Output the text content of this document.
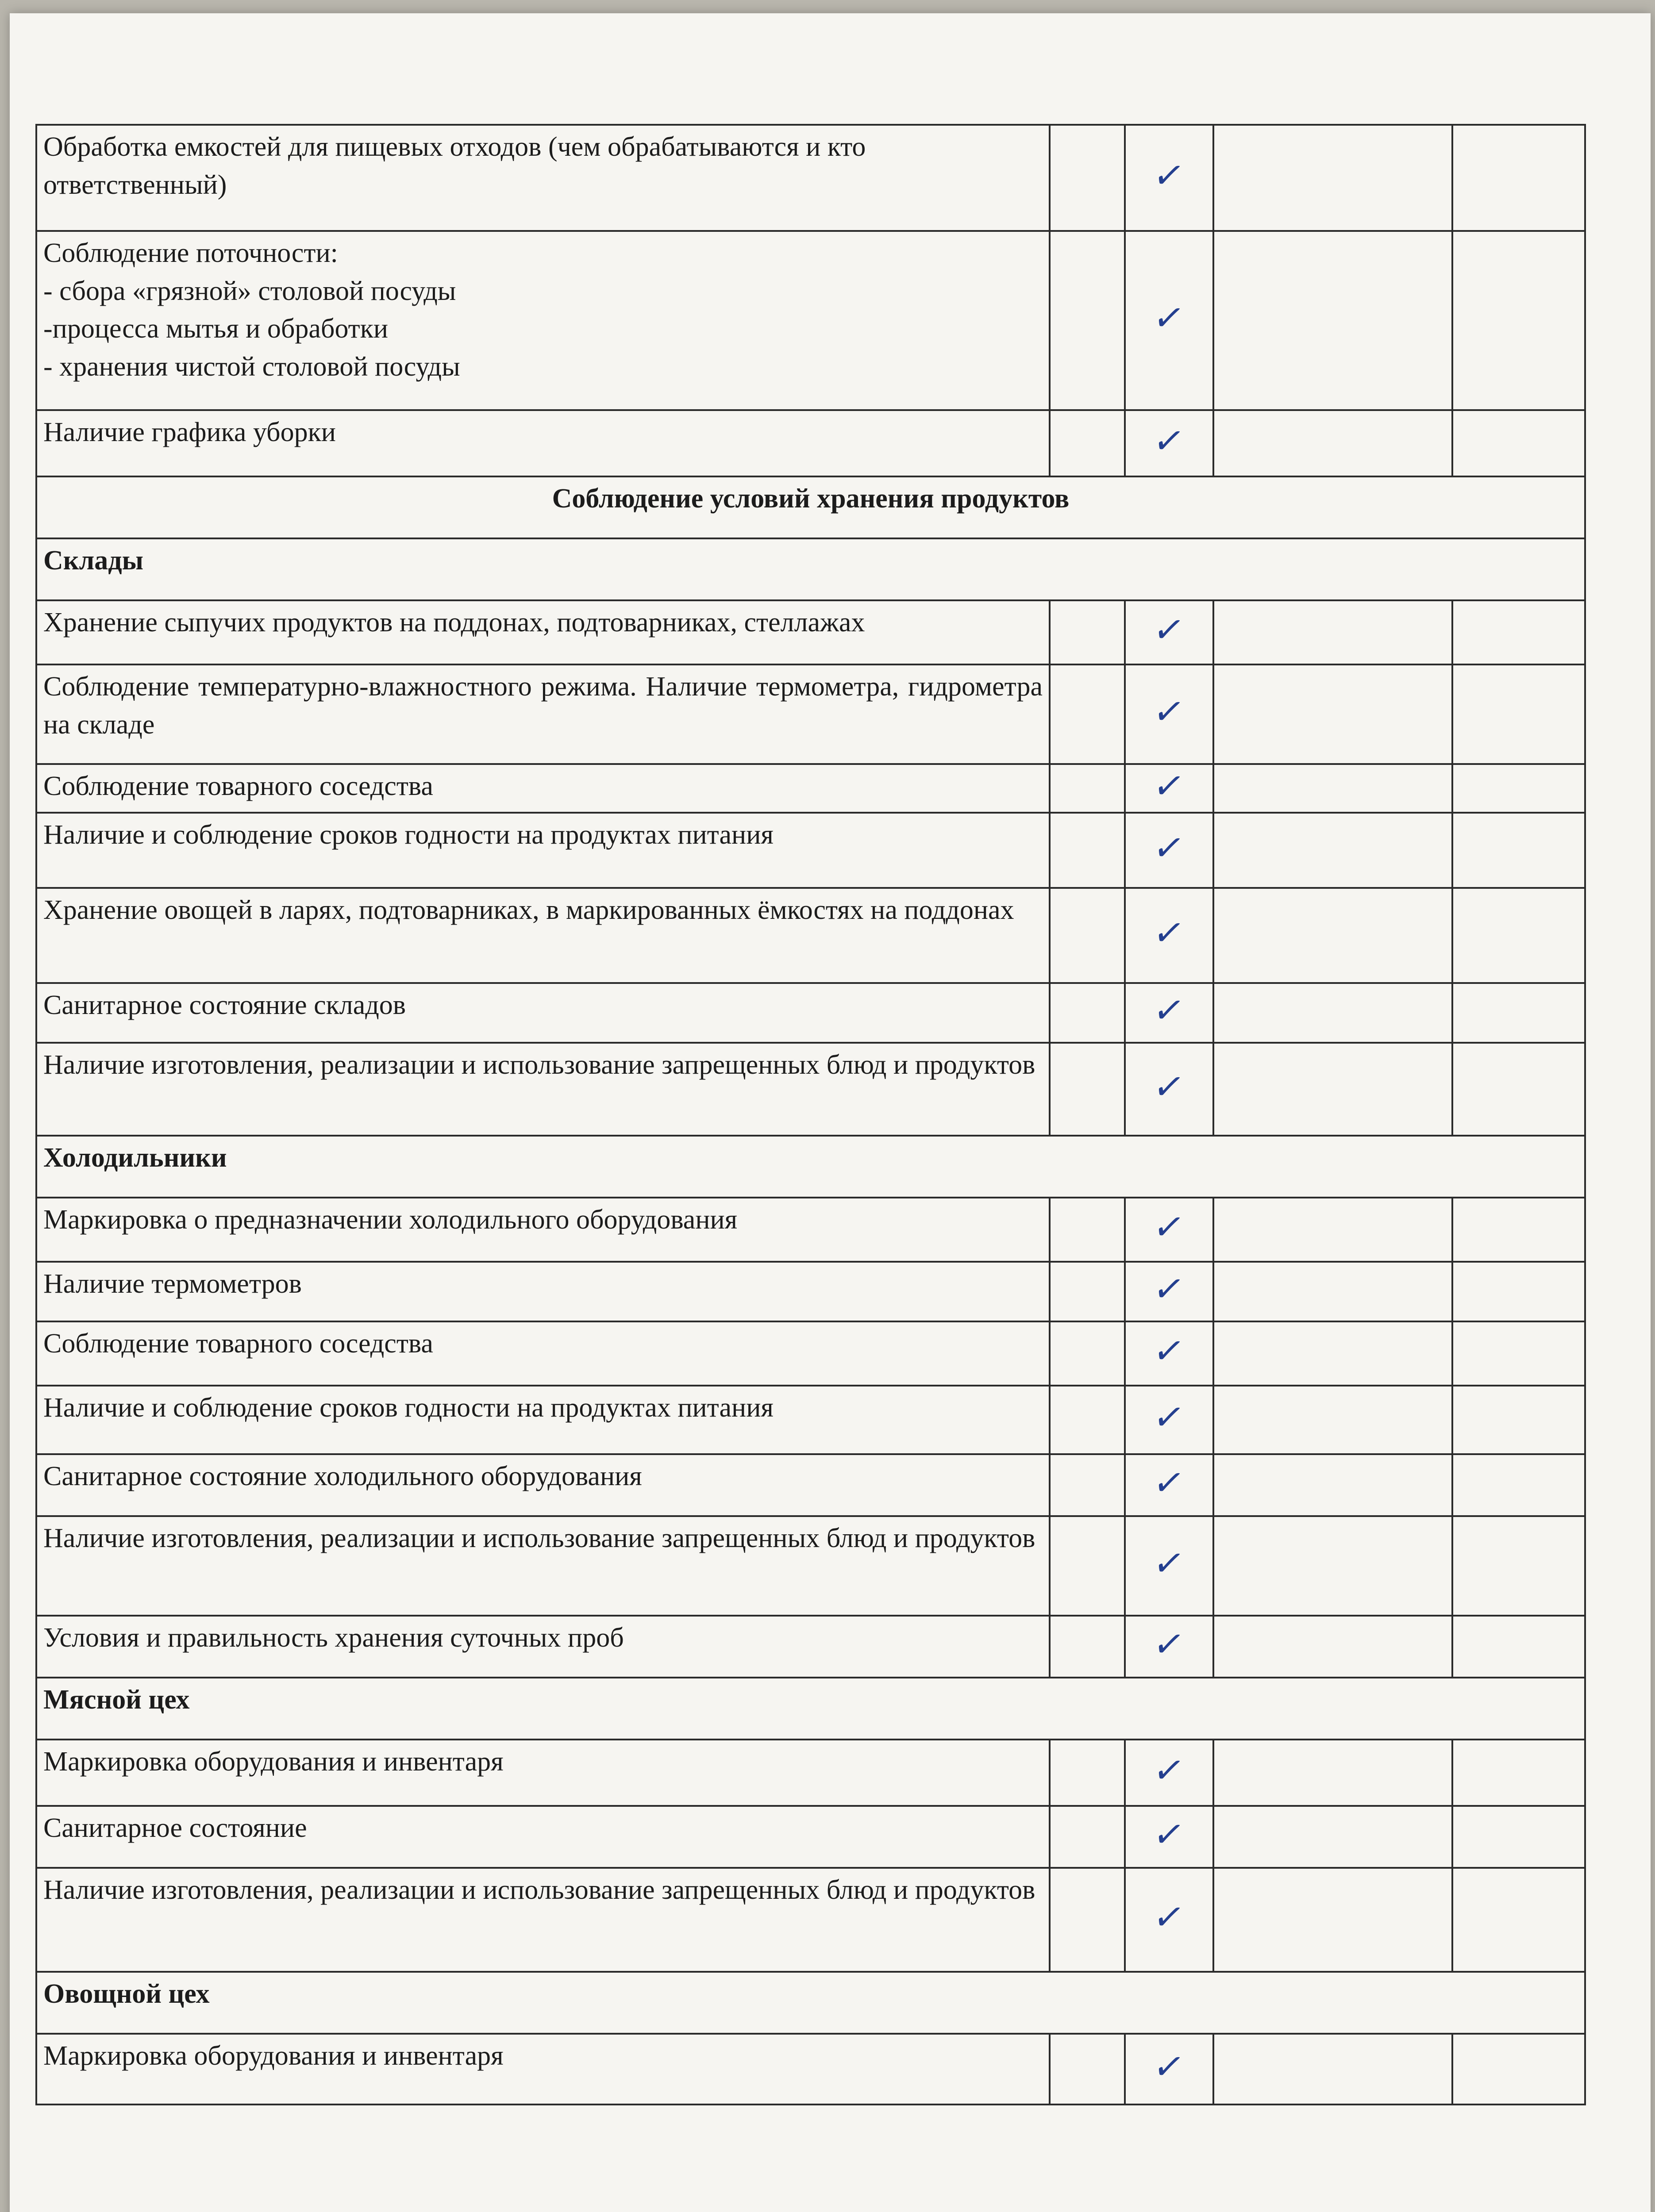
Обработка емкостей для пищевых отходов (чем обрабатываются и кто
ответственный)		✓		
Соблюдение поточности:
- сбора «грязной» столовой посуды
-процесса мытья и обработки
- хранения чистой столовой посуды		✓		
Наличие графика уборки		✓		
Соблюдение условий хранения продуктов				
Склады				
Хранение сыпучих продуктов на поддонах, подтоварниках, стеллажах		✓		
Соблюдение температурно-влажностного режима. Наличие термометра, гидрометра на складе		✓		
Соблюдение товарного соседства		✓		
Наличие и соблюдение сроков годности на продуктах питания		✓		
Хранение овощей в ларях, подтоварниках, в маркированных ёмкостях на поддонах		✓		
Санитарное состояние складов		✓		
Наличие изготовления, реализации и использование запрещенных блюд и продуктов		✓		
Холодильники				
Маркировка о предназначении холодильного оборудования		✓		
Наличие термометров		✓		
Соблюдение товарного соседства		✓		
Наличие и соблюдение сроков годности на продуктах питания		✓		
Санитарное состояние холодильного оборудования		✓		
Наличие изготовления, реализации и использование запрещенных блюд и продуктов		✓		
Условия и правильность хранения суточных проб		✓		
Мясной цех				
Маркировка оборудования и инвентаря		✓		
Санитарное состояние		✓		
Наличие изготовления, реализации и использование запрещенных блюд и продуктов		✓		
Овощной цех				
Маркировка оборудования и инвентаря		✓		
